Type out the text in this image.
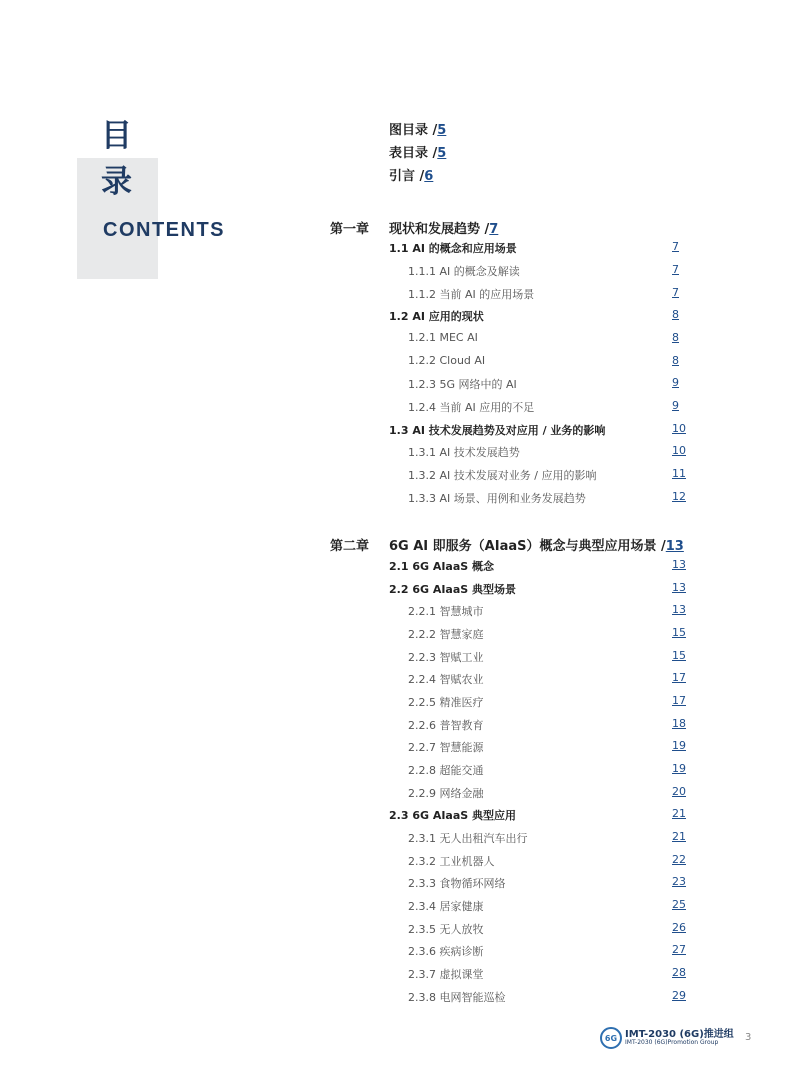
目
录
CONTENTS
图目录 /5
表目录 /5
引言 /6
第一章 现状和发展趋势 /7
1.1 AI 的概念和应用场景	7
1.1.1 AI 的概念及解读	7
1.1.2 当前 AI 的应用场景	7
1.2 AI 应用的现状	8
1.2.1 MEC AI	8
1.2.2 Cloud AI	8
1.2.3 5G 网络中的 AI	9
1.2.4 当前 AI 应用的不足	9
1.3 AI 技术发展趋势及对应用 / 业务的影响	10
1.3.1 AI 技术发展趋势	10
1.3.2 AI 技术发展对业务 / 应用的影响	11
1.3.3 AI 场景、用例和业务发展趋势	12
第二章 6G AI 即服务（AIaaS）概念与典型应用场景 /13
2.1 6G AIaaS 概念	13
2.2 6G AIaaS 典型场景	13
2.2.1 智慧城市	13
2.2.2 智慧家庭	15
2.2.3 智赋工业	15
2.2.4 智赋农业	17
2.2.5 精准医疗	17
2.2.6 普智教育	18
2.2.7 智慧能源	19
2.2.8 超能交通	19
2.2.9 网络金融	20
2.3 6G AIaaS 典型应用	21
2.3.1 无人出租汽车出行	21
2.3.2 工业机器人	22
2.3.3 食物循环网络	23
2.3.4 居家健康	25
2.3.5 无人放牧	26
2.3.6 疾病诊断	27
2.3.7 虚拟课堂	28
2.3.8 电网智能巡检	29
6G IMT-2030 (6G)推进组
IMT-2030 (6G)Promotion Group	3
